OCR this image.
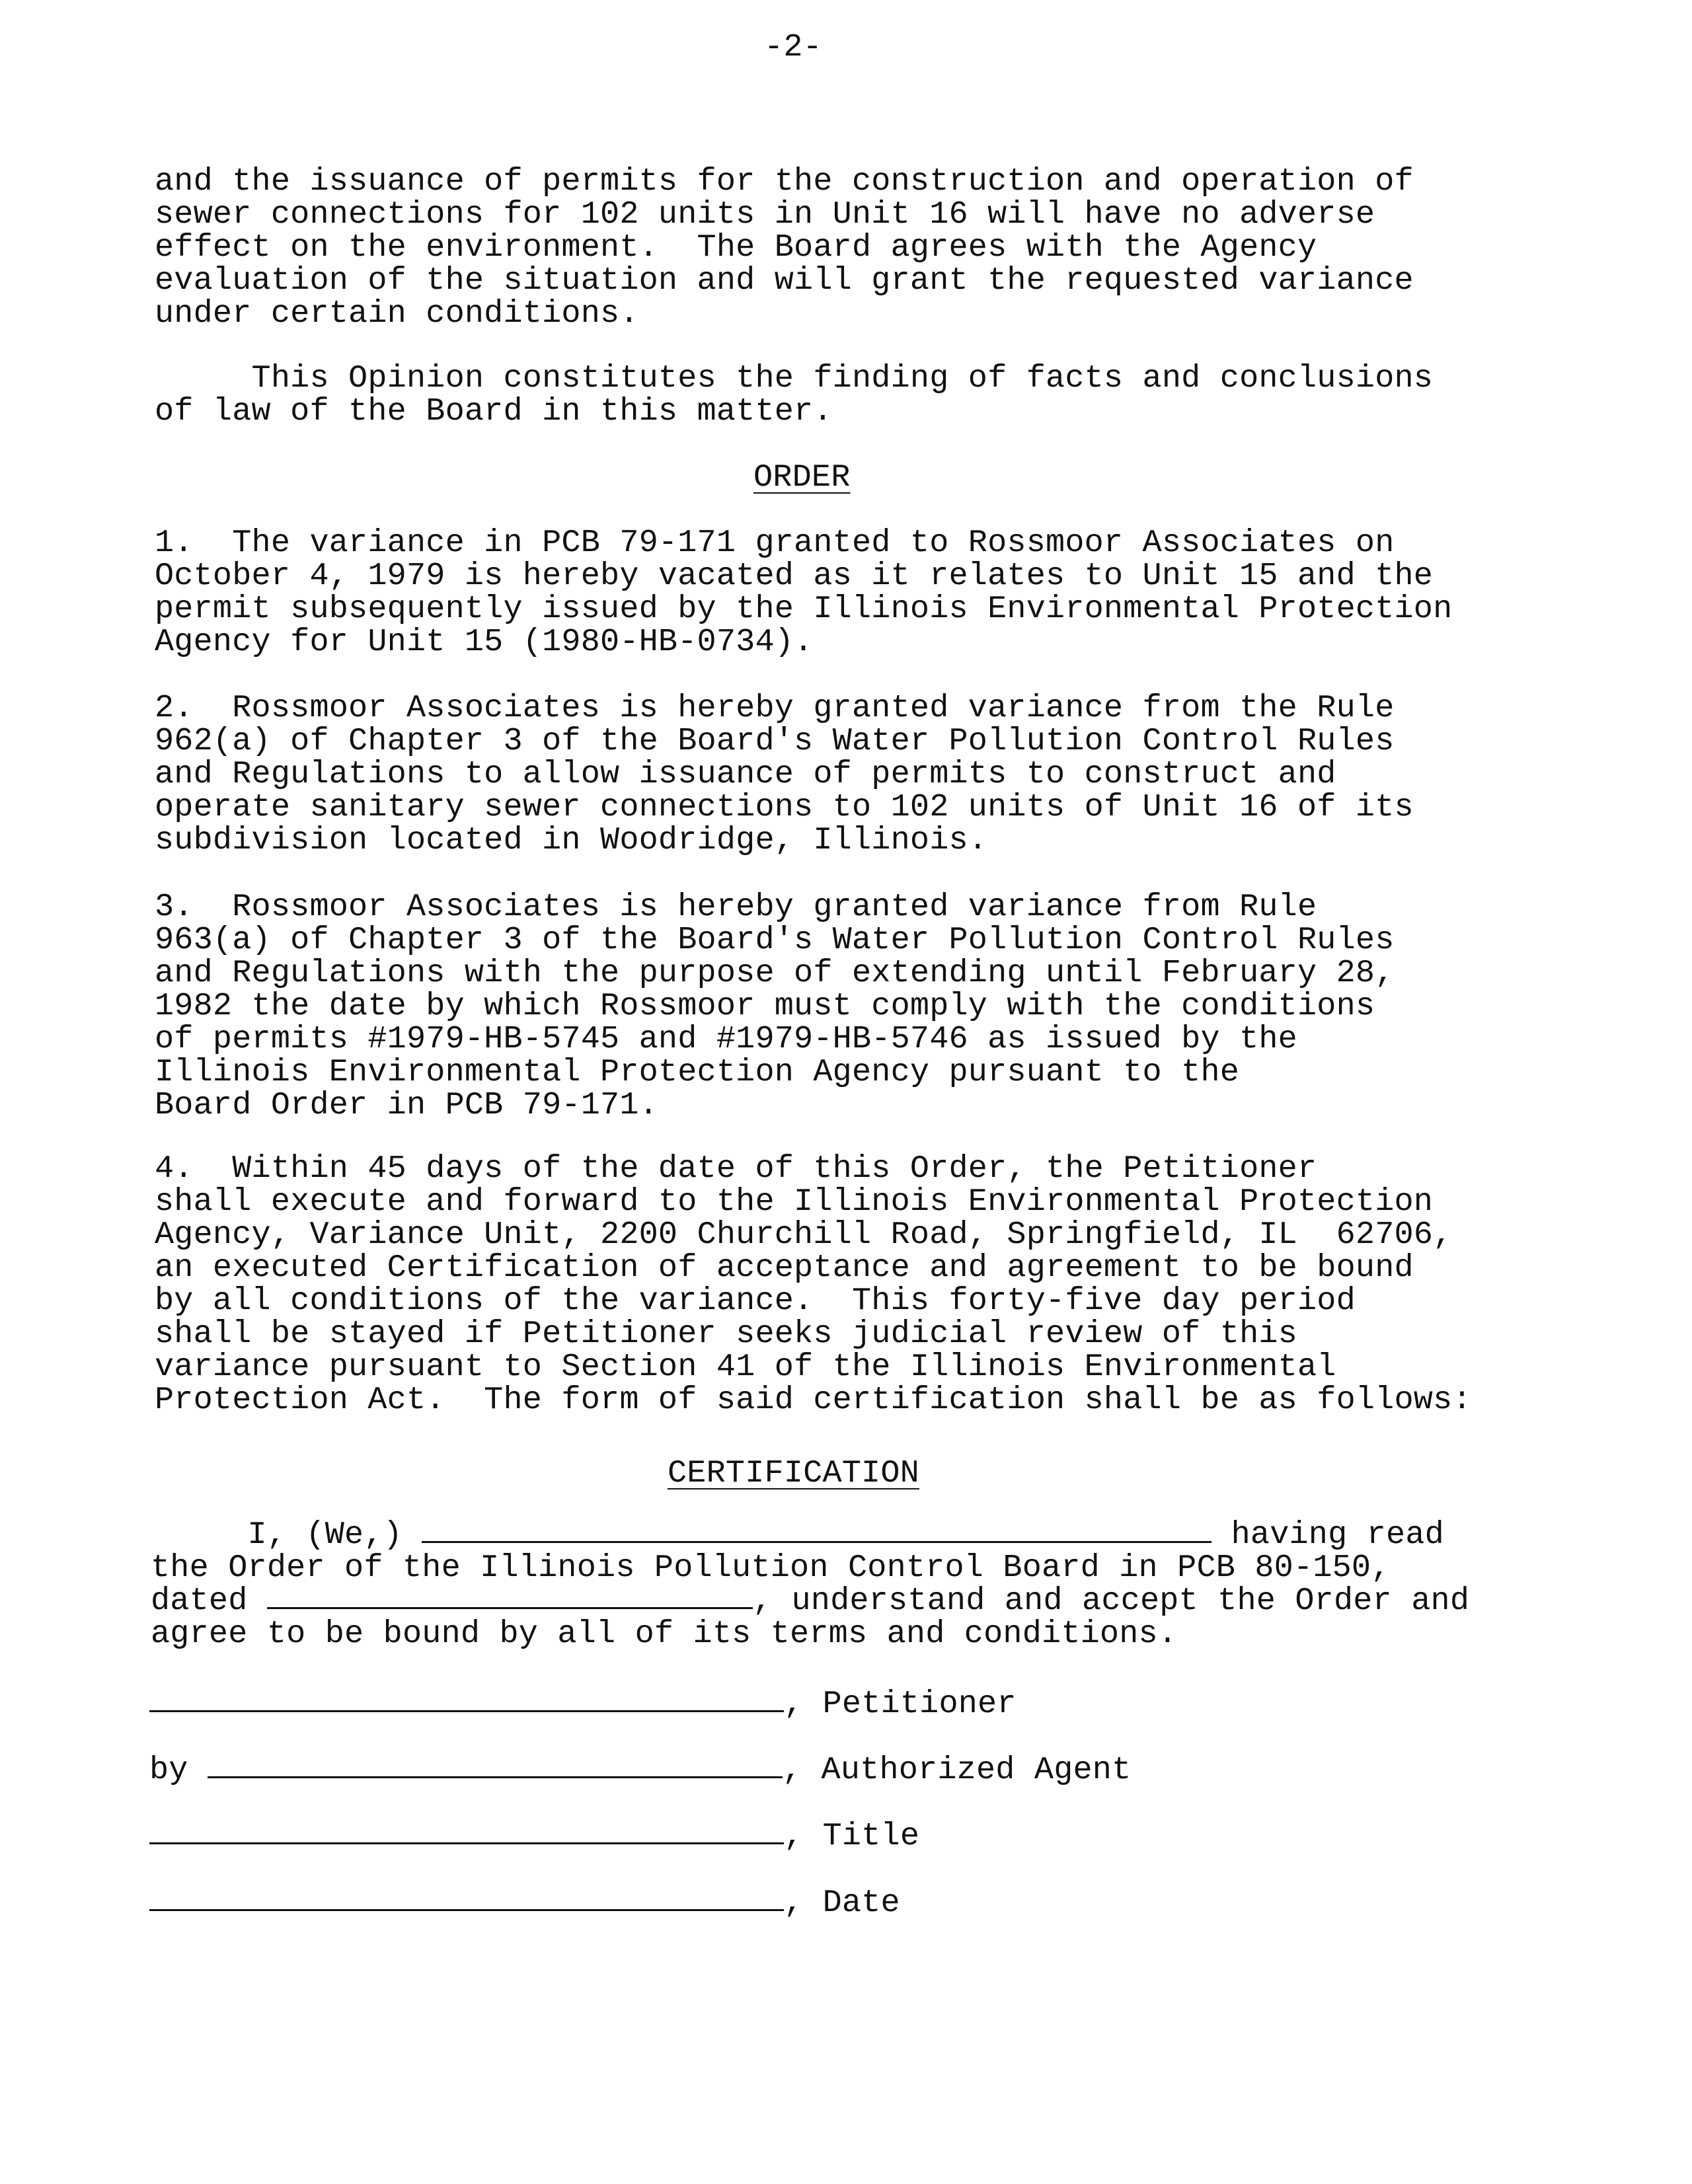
-2-
and the issuance of permits for the construction and operation of
sewer connections for 102 units in Unit 16 will have no adverse
effect on the environment.  The Board agrees with the Agency
evaluation of the situation and will grant the requested variance
under certain conditions.
This Opinion constitutes the finding of facts and conclusions
of law of the Board in this matter.
ORDER
1.  The variance in PCB 79-171 granted to Rossmoor Associates on
October 4, 1979 is hereby vacated as it relates to Unit 15 and the
permit subsequently issued by the Illinois Environmental Protection
Agency for Unit 15 (1980-HB-0734).
2.  Rossmoor Associates is hereby granted variance from the Rule
962(a) of Chapter 3 of the Board's Water Pollution Control Rules
and Regulations to allow issuance of permits to construct and
operate sanitary sewer connections to 102 units of Unit 16 of its
subdivision located in Woodridge, Illinois.
3.  Rossmoor Associates is hereby granted variance from Rule
963(a) of Chapter 3 of the Board's Water Pollution Control Rules
and Regulations with the purpose of extending until February 28,
1982 the date by which Rossmoor must comply with the conditions
of permits #1979-HB-5745 and #1979-HB-5746 as issued by the
Illinois Environmental Protection Agency pursuant to the
Board Order in PCB 79-171.
4.  Within 45 days of the date of this Order, the Petitioner
shall execute and forward to the Illinois Environmental Protection
Agency, Variance Unit, 2200 Churchill Road, Springfield, IL  62706,
an executed Certification of acceptance and agreement to be bound
by all conditions of the variance.  This forty-five day period
shall be stayed if Petitioner seeks judicial review of this
variance pursuant to Section 41 of the Illinois Environmental
Protection Act.  The form of said certification shall be as follows:
CERTIFICATION
I, (We,)	having read
the Order of the Illinois Pollution Control Board in PCB 80-150,
dated	, understand and accept the Order and
agree to be bound by all of its terms and conditions.
, Petitioner
by	, Authorized Agent
, Title
, Date
